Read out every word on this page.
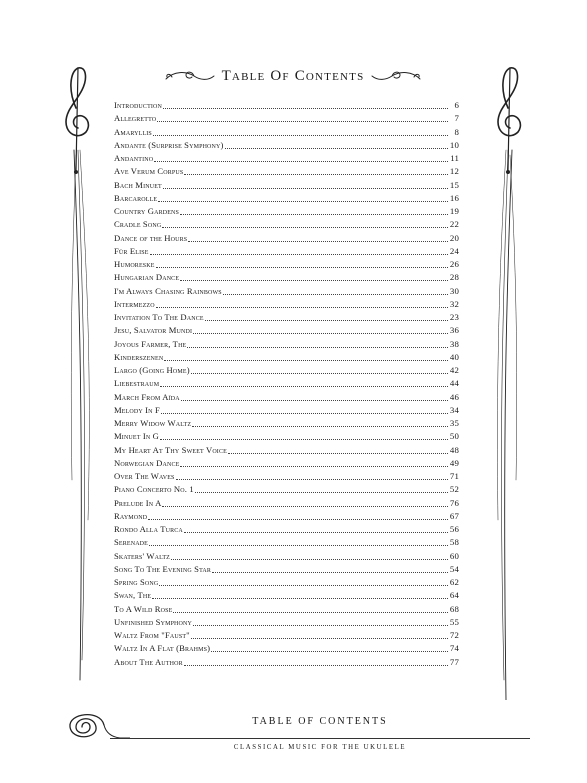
Table Of Contents
Introduction	6
Allegretto	7
Amaryllis	8
Andante (Surprise Symphony)	10
Andantino	11
Ave Verum Corpus	12
Bach Minuet	15
Barcarolle	16
Country Gardens	19
Cradle Song	22
Dance of the Hours	20
Für Elise	24
Humoreske	26
Hungarian Dance	28
I'm Always Chasing Rainbows	30
Intermezzo	32
Invitation To The Dance	23
Jesu, Salvator Mundi	36
Joyous Farmer, The	38
Kinderszenen	40
Largo (Going Home)	42
Liebestraum	44
March From Aïda	46
Melody In F	34
Merry Widow Waltz	35
Minuet In G	50
My Heart At Thy Sweet Voice	48
Norwegian Dance	49
Over The Waves	71
Piano Concerto No. 1	52
Prelude In A	76
Raymond	67
Rondo Alla Turca	56
Serenade	58
Skaters' Waltz	60
Song To The Evening Star	54
Spring Song	62
Swan, The	64
To A Wild Rose	68
Unfinished Symphony	55
Waltz From "Faust"	72
Waltz In A Flat (Brahms)	74
About The Author	77
TABLE OF CONTENTS
CLASSICAL MUSIC FOR THE UKULELE
